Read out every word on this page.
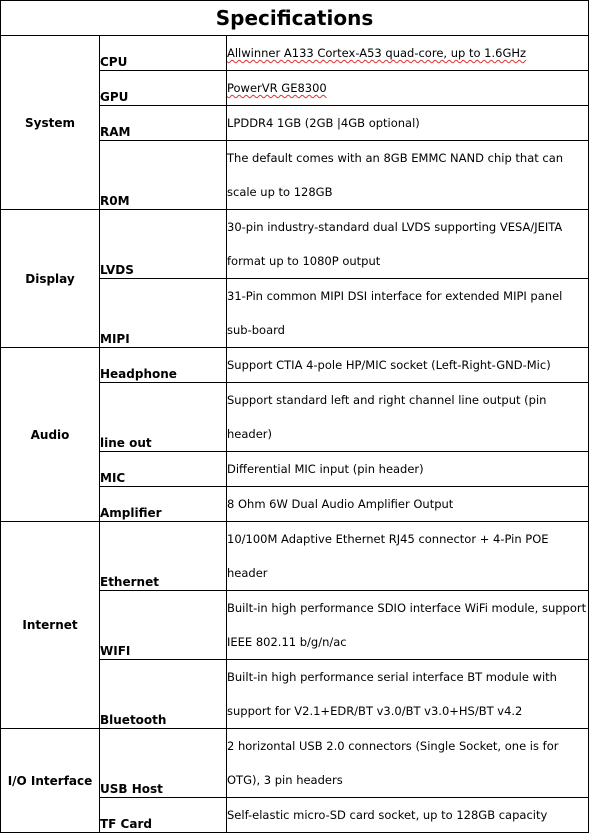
Specifications		
System	CPU	Allwinner A133 Cortex-A53 quad-core, up to 1.6GHz
	GPU	PowerVR GE8300
	RAM	LPDDR4 1GB (2GB |4GB optional)
	R0M	The default comes with an 8GB EMMC NAND chip that can scale up to 128GB
Display	LVDS	30-pin industry-standard dual LVDS supporting VESA/JEITA format up to 1080P output
	MIPI	31-Pin common MIPI DSI interface for extended MIPI panel sub-board
Audio	Headphone	Support CTIA 4-pole HP/MIC socket (Left-Right-GND-Mic)
	line out	Support standard left and right channel line output (pin header)
	MIC	Differential MIC input (pin header)
	Amplifier	8 Ohm 6W Dual Audio Amplifier Output
Internet	Ethernet	10/100M Adaptive Ethernet RJ45 connector + 4-Pin POE header
	WIFI	Built-in high performance SDIO interface WiFi module, support IEEE 802.11 b/g/n/ac
	Bluetooth	Built-in high performance serial interface BT module with support for V2.1+EDR/BT v3.0/BT v3.0+HS/BT v4.2
I/O Interface	USB Host	2 horizontal USB 2.0 connectors (Single Socket, one is for OTG), 3 pin headers
	TF Card	Self-elastic micro-SD card socket, up to 128GB capacity
